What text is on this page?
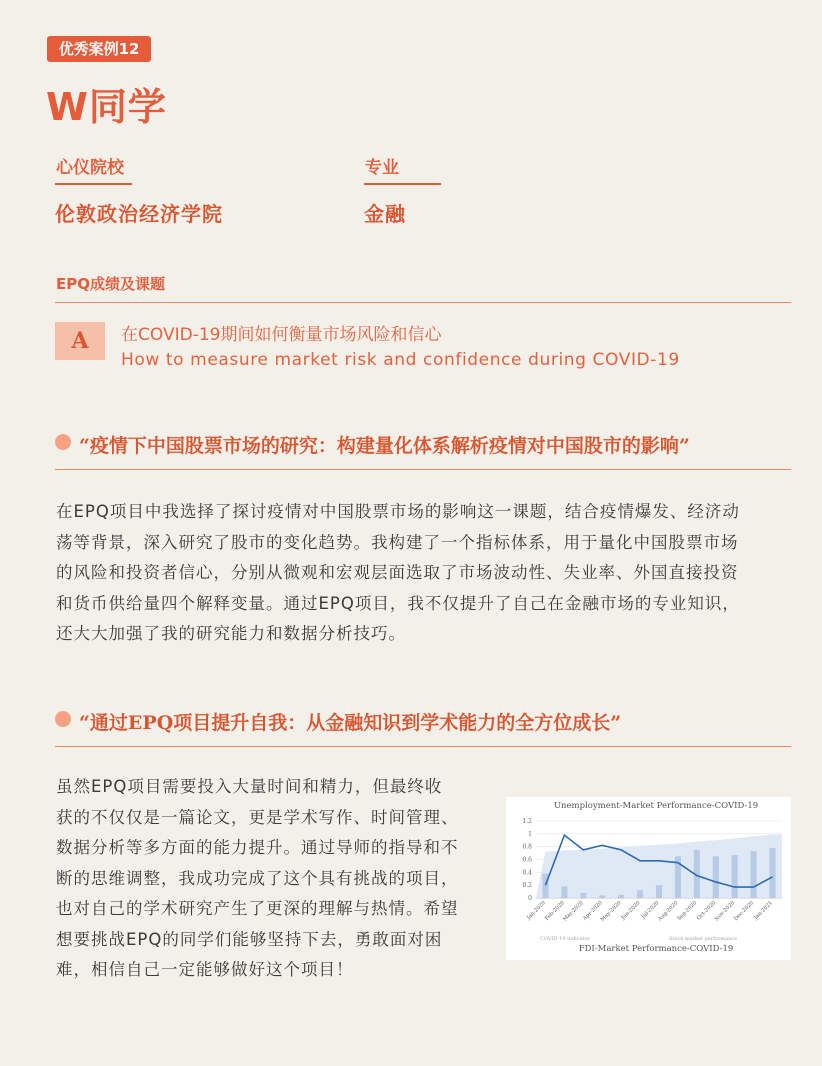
优秀案例12
W同学
心仪院校
伦敦政治经济学院
专业
金融
EPQ成绩及课题
A	在COVID-19期间如何衡量市场风险和信心
How to measure market risk and confidence during COVID-19
“疫情下中国股票市场的研究：构建量化体系解析疫情对中国股市的影响”
在EPQ项目中我选择了探讨疫情对中国股票市场的影响这一课题，结合疫情爆发、经济动
荡等背景，深入研究了股市的变化趋势。我构建了一个指标体系，用于量化中国股票市场
的风险和投资者信心，分别从微观和宏观层面选取了市场波动性、失业率、外国直接投资
和货币供给量四个解释变量。通过EPQ项目，我不仅提升了自己在金融市场的专业知识，
还大大加强了我的研究能力和数据分析技巧。
“通过EPQ项目提升自我：从金融知识到学术能力的全方位成长”
虽然EPQ项目需要投入大量时间和精力，但最终收
获的不仅仅是一篇论文，更是学术写作、时间管理、
数据分析等多方面的能力提升。通过导师的指导和不
断的思维调整，我成功完成了这个具有挑战的项目，
也对自己的学术研究产生了更深的理解与热情。希望
想要挑战EPQ的同学们能够坚持下去，勇敢面对困
难，相信自己一定能够做好这个项目！
Unemployment-Market Performance-COVID-19
0
0.2
0.4
0.6
0.8
1
1.2
Jan-2020
Feb-2020
Mar-2020
Apr-2020
May-2020
Jun-2020 Jul-2020
Aug-2020
Sep-2020
Oct-2020
Nov-2020
Dec-2020
Jan-2021
COVID-19 indicator	Stock market performance
FDI-Market Performance-COVID-19
